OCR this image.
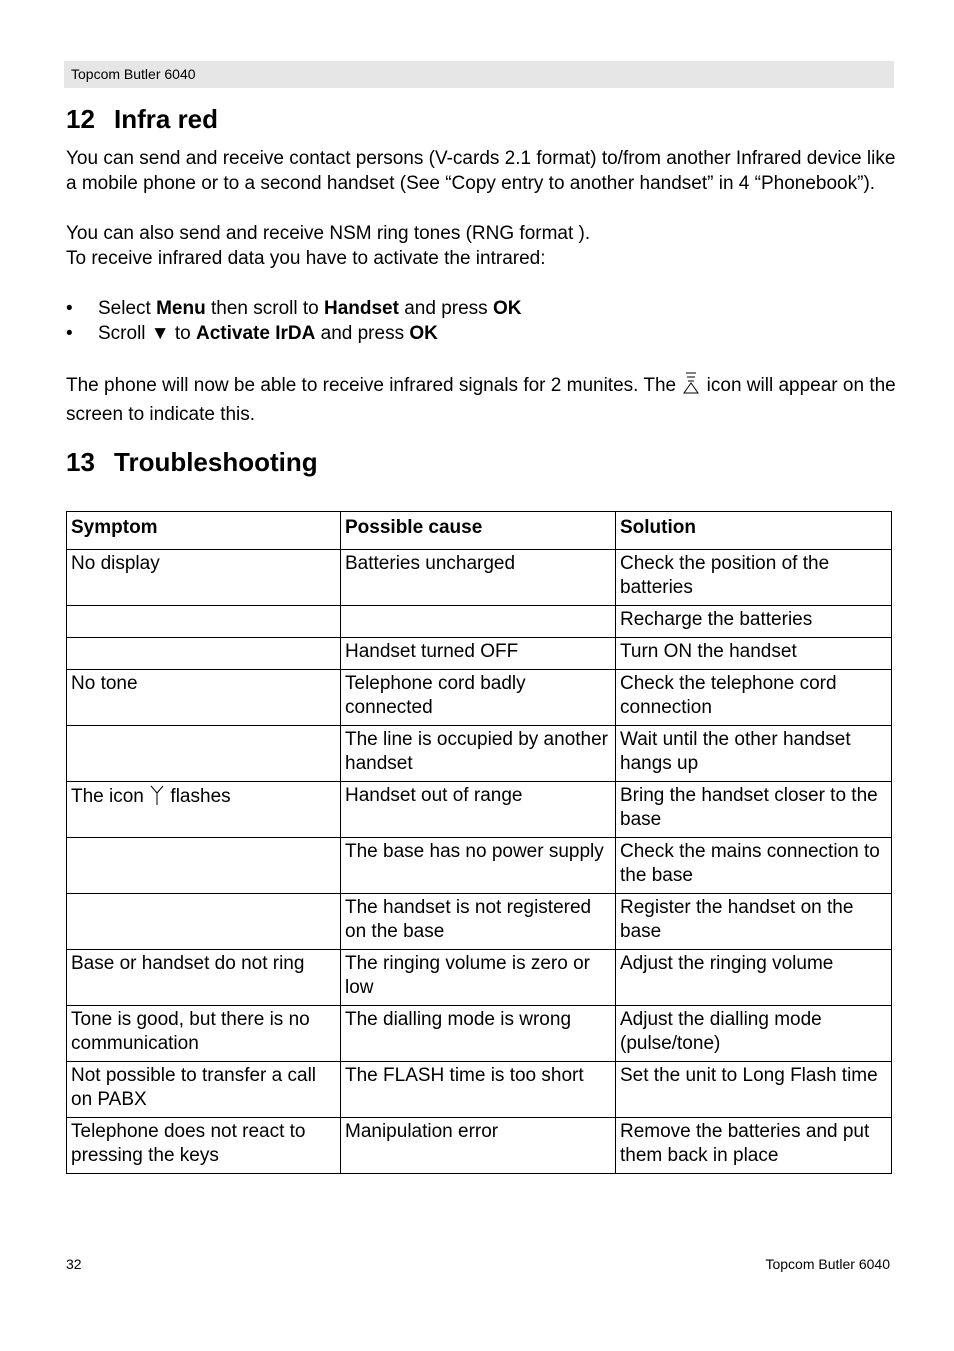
Topcom Butler 6040
12 Infra red

You can send and receive contact persons (V-cards 2.1 format) to/from another Infrared device like a mobile phone or to a second handset (See “Copy entry to another handset” in 4 “Phonebook”).

You can also send and receive NSM ring tones (RNG format ).

To receive infrared data you have to activate the intrared:

• Select Menu then scroll to Handset and press OK
• Scroll ▼ to Activate IrDA and press OK

The phone will now be able to receive infrared signals for 2 munites. The  icon will appear on the screen to indicate this.

13 Troubleshooting
Symptom	Possible cause	Solution
No display	Batteries uncharged	Check the position of the batteries
		Recharge the batteries
	Handset turned OFF	Turn ON the handset
No tone	Telephone cord badly connected	Check the telephone cord connection
	The line is occupied by another handset	Wait until the other handset hangs up
The icon  flashes	Handset out of range	Bring the handset closer to the base
	The base has no power supply	Check the mains connection to the base
	The handset is not registered on the base	Register the handset on the base
Base or handset do not ring	The ringing volume is zero or low	Adjust the ringing volume
Tone is good, but there is no communication	The dialling mode is wrong	Adjust the dialling mode (pulse/tone)
Not possible to transfer a call on PABX	The FLASH time is too short	Set the unit to Long Flash time
Telephone does not react to pressing the keys	Manipulation error	Remove the batteries and put them back in place
32	Topcom Butler 6040
